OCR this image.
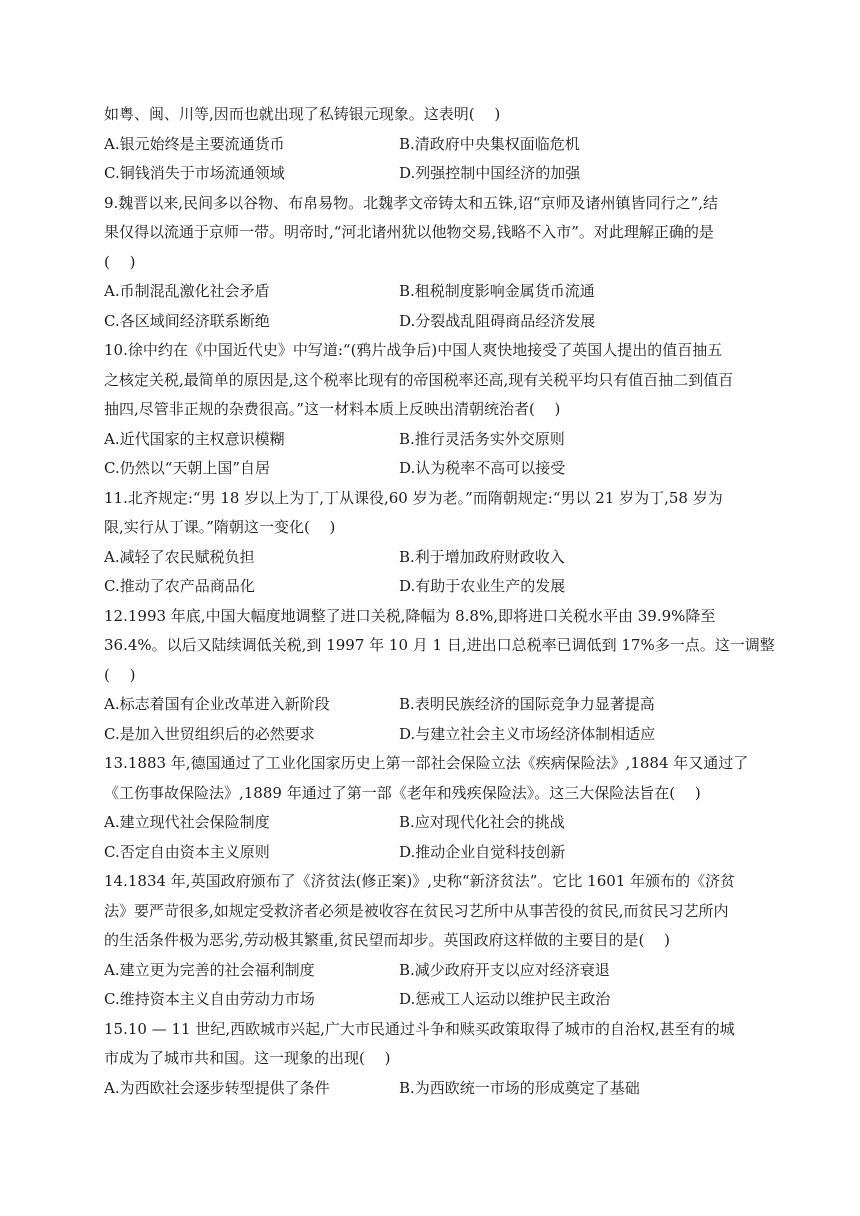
如粤、闽、川等,因而也就出现了私铸银元现象。这表明(　 )
A.银元始终是主要流通货币	B.清政府中央集权面临危机
C.铜钱消失于市场流通领域	D.列强控制中国经济的加强
9.魏晋以来,民间多以谷物、布帛易物。北魏孝文帝铸太和五铢,诏“京师及诸州镇皆同行之”,结
果仅得以流通于京师一带。明帝时,“河北诸州犹以他物交易,钱略不入市”。对此理解正确的是
(　 )
A.币制混乱激化社会矛盾	B.租税制度影响金属货币流通
C.各区域间经济联系断绝	D.分裂战乱阻碍商品经济发展
10.徐中约在《中国近代史》中写道:“(鸦片战争后)中国人爽快地接受了英国人提出的值百抽五
之核定关税,最简单的原因是,这个税率比现有的帝国税率还高,现有关税平均只有值百抽二到值百
抽四,尽管非正规的杂费很高。”这一材料本质上反映出清朝统治者(　 )
A.近代国家的主权意识模糊	B.推行灵活务实外交原则
C.仍然以“天朝上国”自居	D.认为税率不高可以接受
11.北齐规定:“男 18 岁以上为丁,丁从课役,60 岁为老。”而隋朝规定:“男以 21 岁为丁,58 岁为
限,实行从丁课。”隋朝这一变化(　 )
A.减轻了农民赋税负担	B.利于增加政府财政收入
C.推动了农产品商品化	D.有助于农业生产的发展
12.1993 年底,中国大幅度地调整了进口关税,降幅为 8.8%,即将进口关税水平由 39.9%降至
36.4%。以后又陆续调低关税,到 1997 年 10 月 1 日,进出口总税率已调低到 17%多一点。这一调整
(　 )
A.标志着国有企业改革进入新阶段	B.表明民族经济的国际竞争力显著提高
C.是加入世贸组织后的必然要求	D.与建立社会主义市场经济体制相适应
13.1883 年,德国通过了工业化国家历史上第一部社会保险立法《疾病保险法》,1884 年又通过了
《工伤事故保险法》,1889 年通过了第一部《老年和残疾保险法》。这三大保险法旨在(　 )
A.建立现代社会保险制度	B.应对现代化社会的挑战
C.否定自由资本主义原则	D.推动企业自觉科技创新
14.1834 年,英国政府颁布了《济贫法(修正案)》,史称“新济贫法”。它比 1601 年颁布的《济贫
法》要严苛很多,如规定受救济者必须是被收容在贫民习艺所中从事苦役的贫民,而贫民习艺所内
的生活条件极为恶劣,劳动极其繁重,贫民望而却步。英国政府这样做的主要目的是(　 )
A.建立更为完善的社会福利制度	B.减少政府开支以应对经济衰退
C.维持资本主义自由劳动力市场	D.惩戒工人运动以维护民主政治
15.10 — 11 世纪,西欧城市兴起,广大市民通过斗争和赎买政策取得了城市的自治权,甚至有的城
市成为了城市共和国。这一现象的出现(　 )
A.为西欧社会逐步转型提供了条件	B.为西欧统一市场的形成奠定了基础
